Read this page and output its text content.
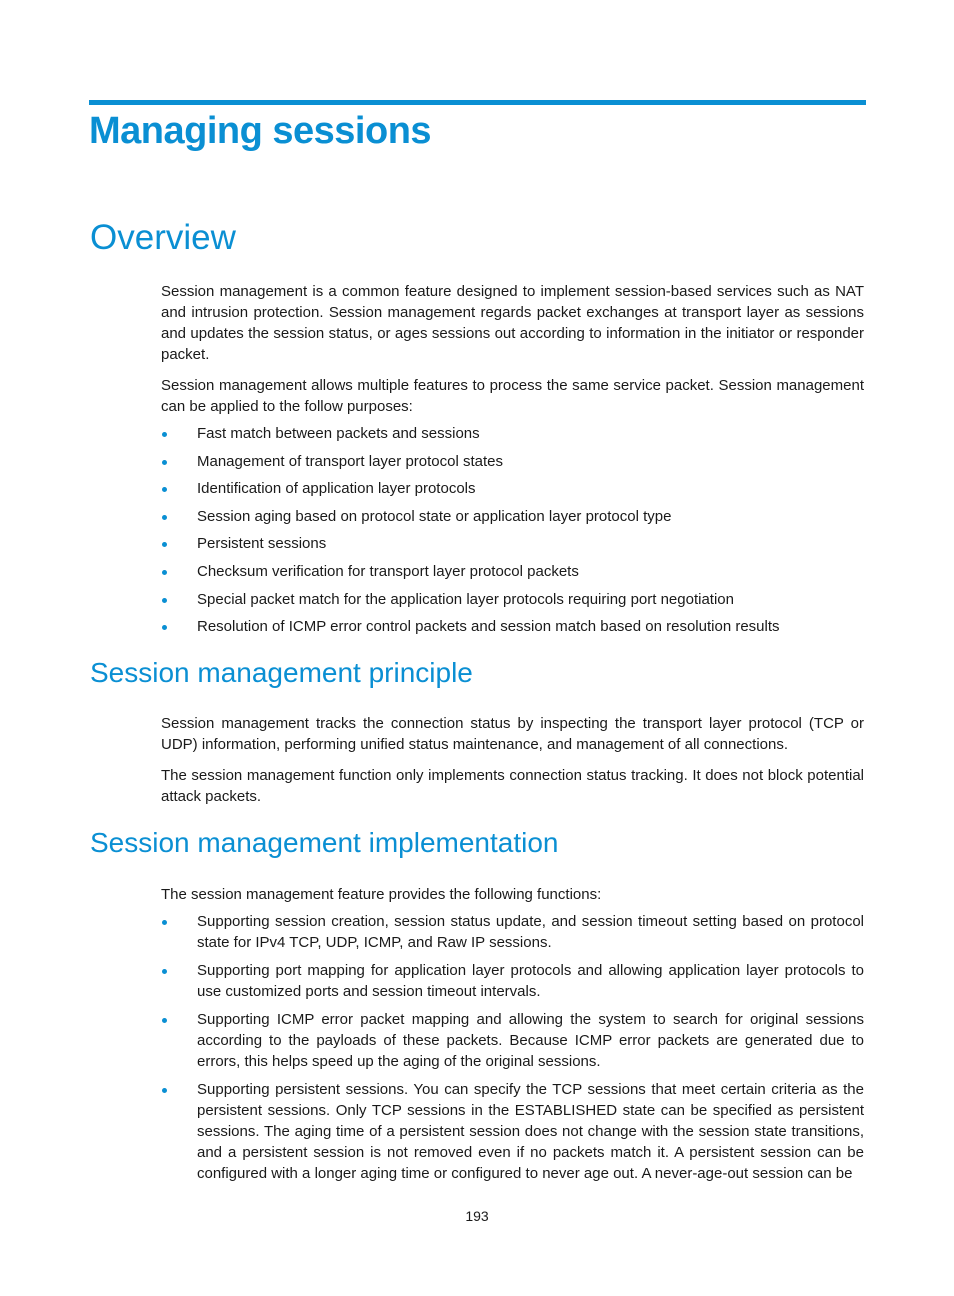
Managing sessions
Overview

Session management is a common feature designed to implement session-based services such as NAT and intrusion protection. Session management regards packet exchanges at transport layer as sessions and updates the session status, or ages sessions out according to information in the initiator or responder packet.

Session management allows multiple features to process the same service packet. Session management can be applied to the follow purposes:

Fast match between packets and sessions
Management of transport layer protocol states
Identification of application layer protocols
Session aging based on protocol state or application layer protocol type
Persistent sessions
Checksum verification for transport layer protocol packets
Special packet match for the application layer protocols requiring port negotiation
Resolution of ICMP error control packets and session match based on resolution results
Session management principle

Session management tracks the connection status by inspecting the transport layer protocol (TCP or UDP) information, performing unified status maintenance, and management of all connections.

The session management function only implements connection status tracking. It does not block potential attack packets.

Session management implementation

The session management feature provides the following functions:

Supporting session creation, session status update, and session timeout setting based on protocol state for IPv4 TCP, UDP, ICMP, and Raw IP sessions.
Supporting port mapping for application layer protocols and allowing application layer protocols to use customized ports and session timeout intervals.
Supporting ICMP error packet mapping and allowing the system to search for original sessions according to the payloads of these packets. Because ICMP error packets are generated due to errors, this helps speed up the aging of the original sessions.
Supporting persistent sessions. You can specify the TCP sessions that meet certain criteria as the persistent sessions. Only TCP sessions in the ESTABLISHED state can be specified as persistent sessions. The aging time of a persistent session does not change with the session state transitions, and a persistent session is not removed even if no packets match it. A persistent session can be configured with a longer aging time or configured to never age out. A never-age-out session can be
193
